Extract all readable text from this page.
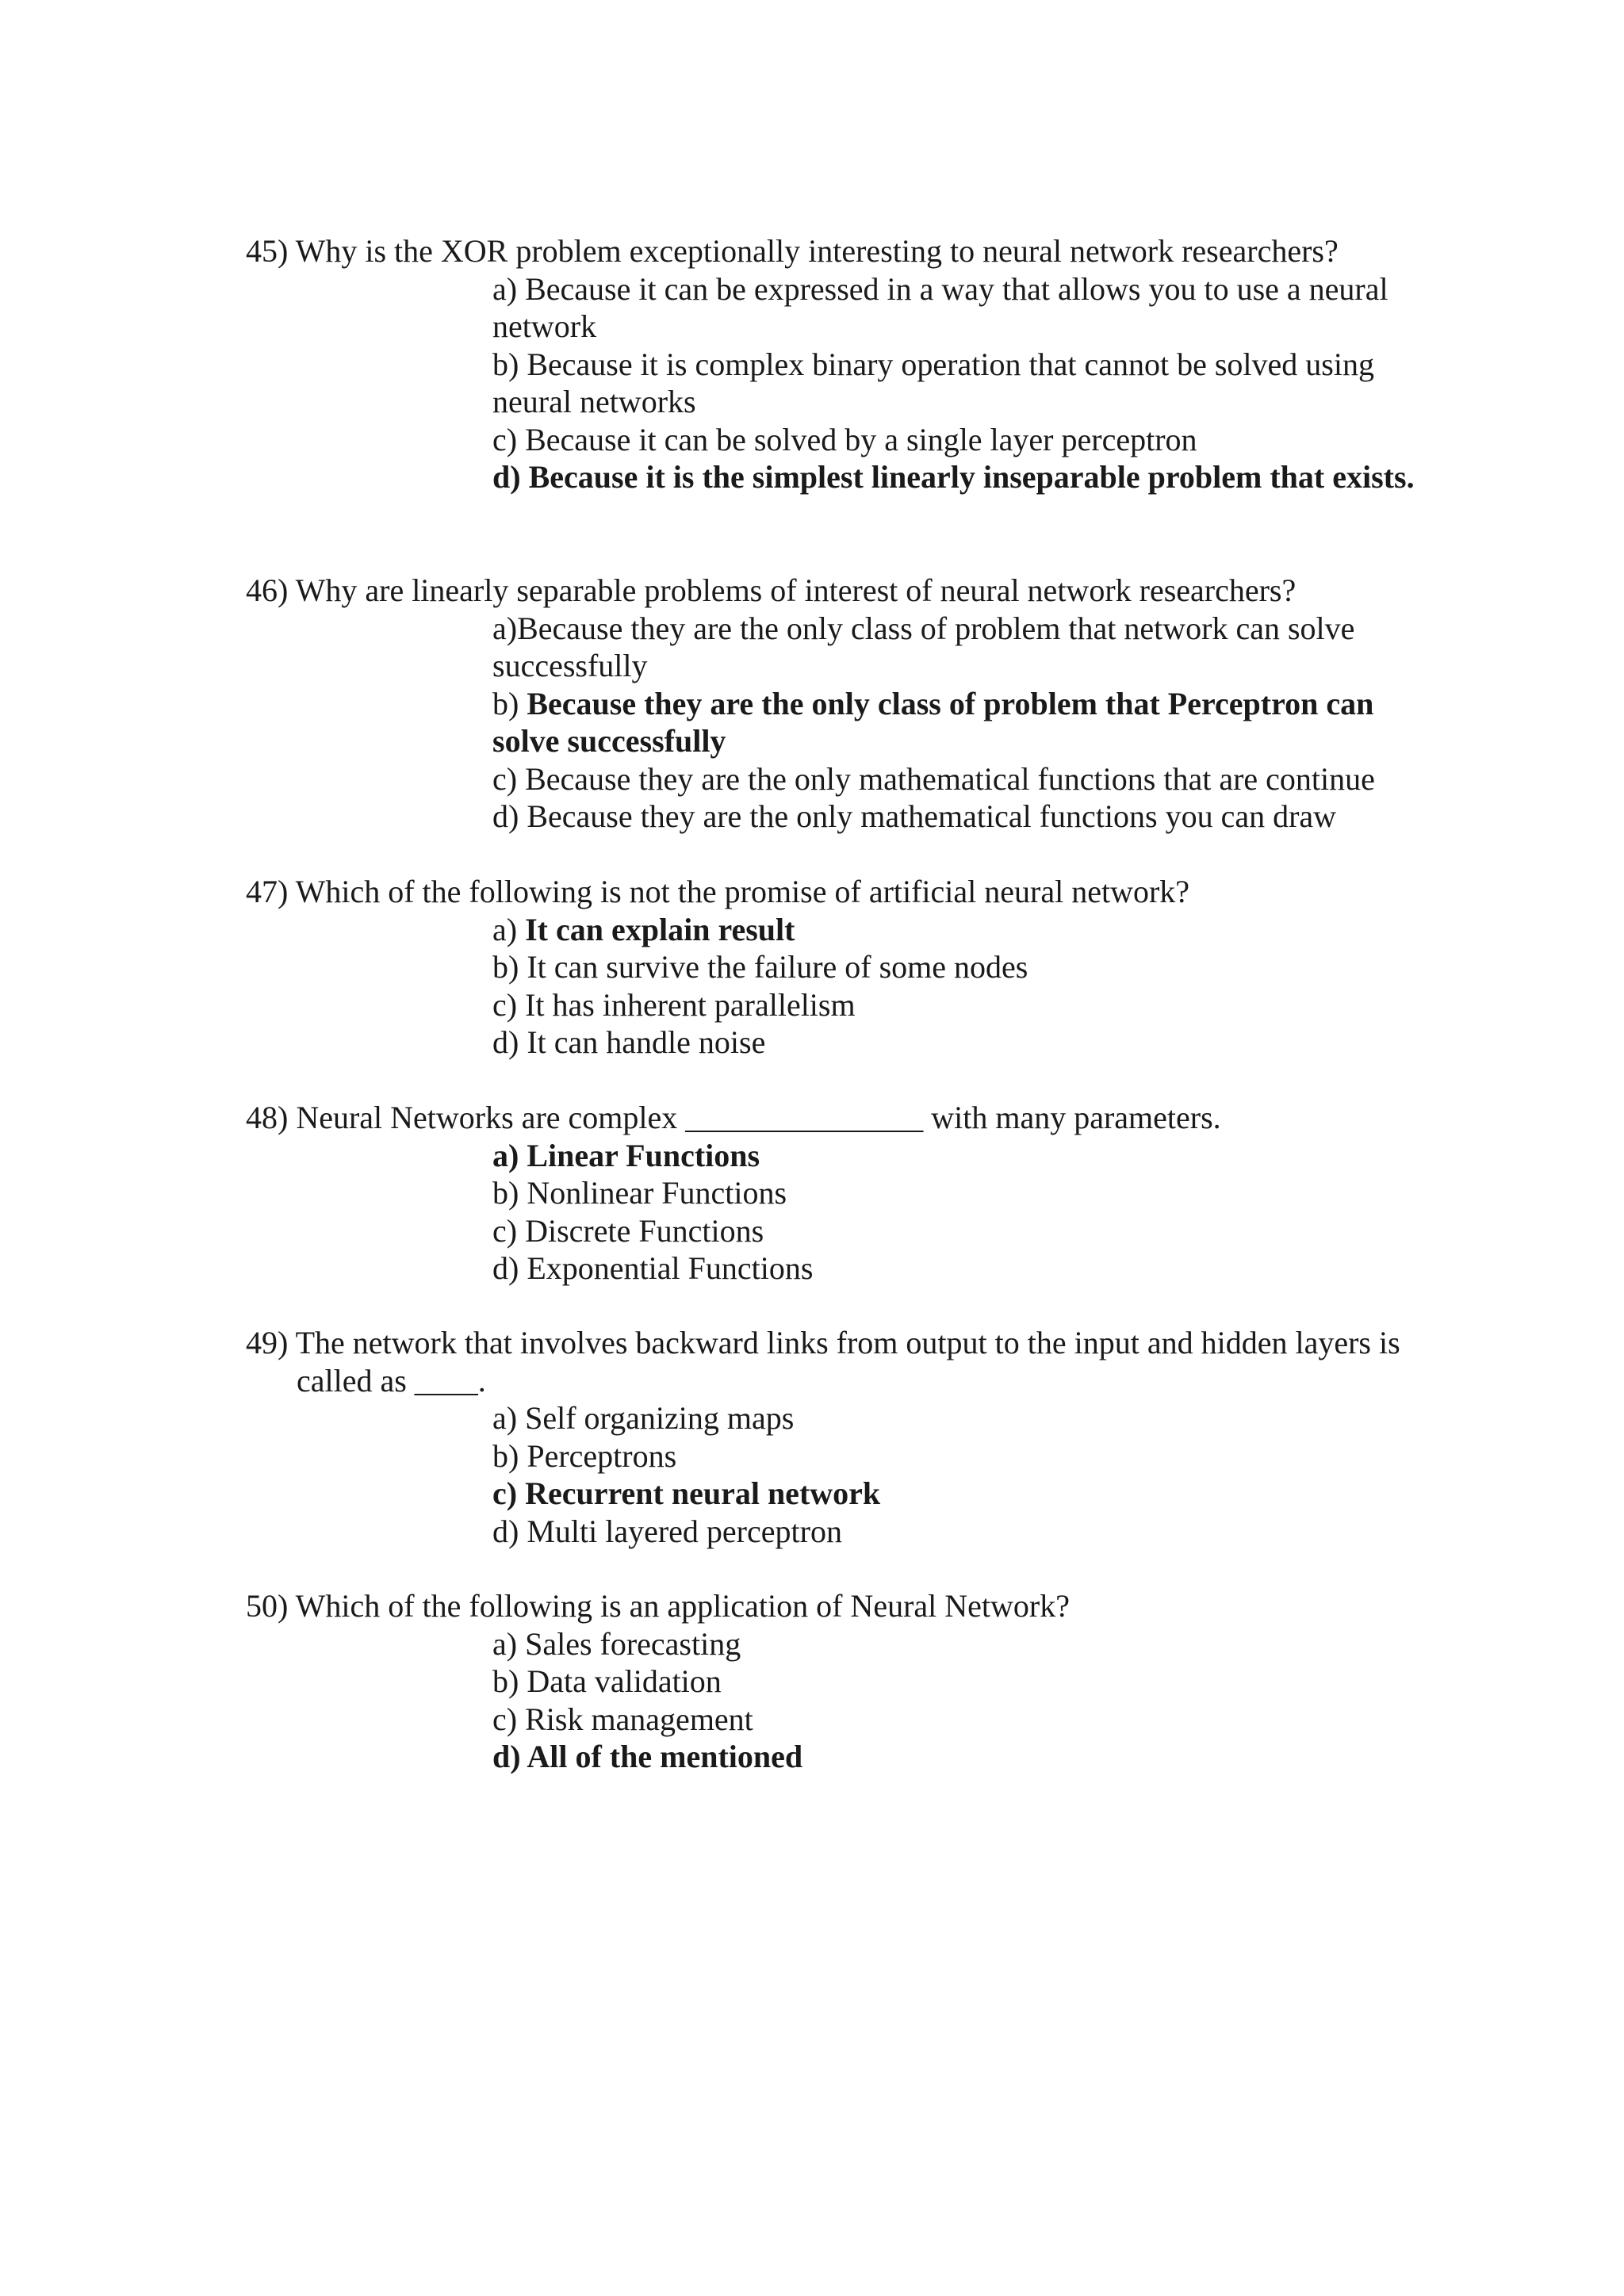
45) Why is the XOR problem exceptionally interesting to neural network researchers?
a) Because it can be expressed in a way that allows you to use a neural network
b) Because it is complex binary operation that cannot be solved using neural networks
c) Because it can be solved by a single layer perceptron
d) Because it is the simplest linearly inseparable problem that exists.
46) Why are linearly separable problems of interest of neural network researchers?
a)Because they are the only class of problem that network can solve successfully
b) Because they are the only class of problem that Perceptron can solve successfully
c) Because they are the only mathematical functions that are continue
d) Because they are the only mathematical functions you can draw
47) Which of the following is not the promise of artificial neural network?
a) It can explain result
b) It can survive the failure of some nodes
c) It has inherent parallelism
d) It can handle noise
48) Neural Networks are complex _______________ with many parameters.
a) Linear Functions
b) Nonlinear Functions
c) Discrete Functions
d) Exponential Functions
49) The network that involves backward links from output to the input and hidden layers is called as ____.
a) Self organizing maps
b) Perceptrons
c) Recurrent neural network
d) Multi layered perceptron
50) Which of the following is an application of Neural Network?
a) Sales forecasting
b) Data validation
c) Risk management
d) All of the mentioned
